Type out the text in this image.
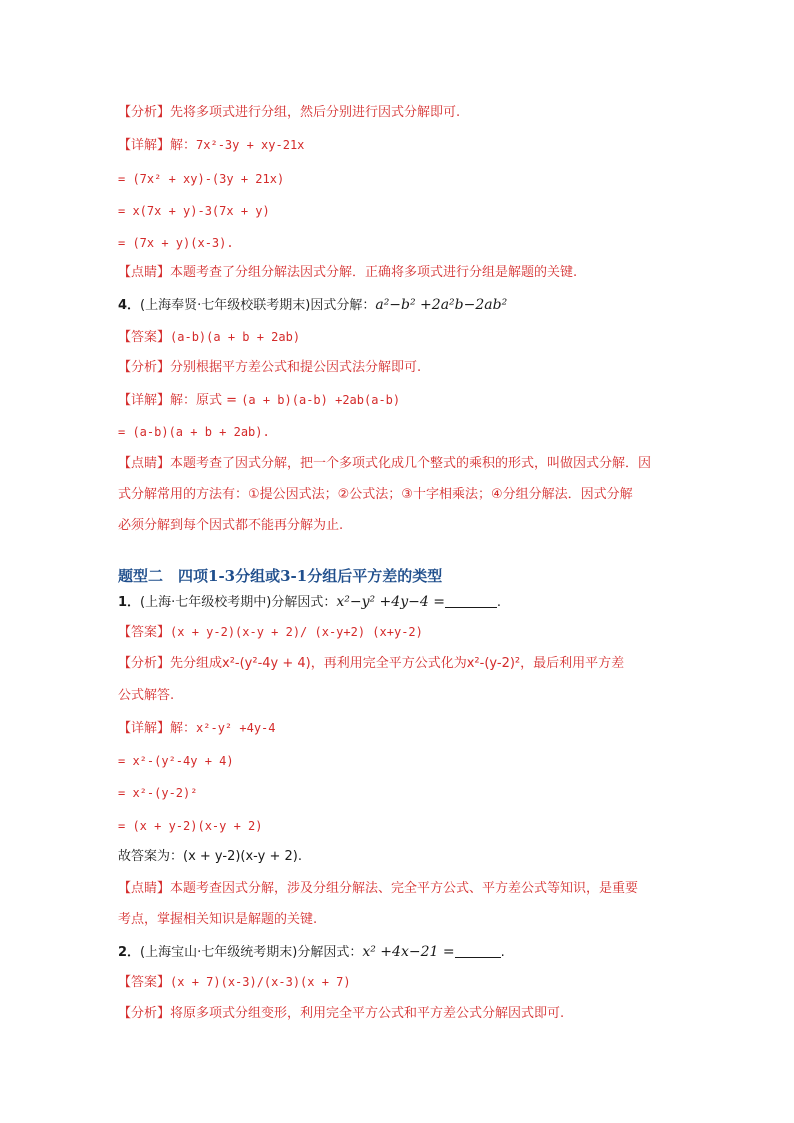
【分析】先将多项式进行分组，然后分别进行因式分解即可.
【详解】解：7x²-3y + xy-21x
= (7x² + xy)-(3y + 21x)
= x(7x + y)-3(7x + y)
= (7x + y)(x-3).
【点睛】本题考查了分组分解法因式分解．正确将多项式进行分组是解题的关键.
4．(上海奉贤·七年级校联考期末)因式分解：a²−b² +2a²b−2ab²
【答案】(a-b)(a + b + 2ab)
【分析】分别根据平方差公式和提公因式法分解即可.
【详解】解：原式 = (a + b)(a-b) +2ab(a-b)
= (a-b)(a + b + 2ab).
【点睛】本题考查了因式分解，把一个多项式化成几个整式的乘积的形式，叫做因式分解．因
式分解常用的方法有：①提公因式法；②公式法；③十字相乘法；④分组分解法．因式分解
必须分解到每个因式都不能再分解为止.
题型二　四项1-3分组或3-1分组后平方差的类型
1．(上海·七年级校考期中)分解因式：x²−y² +4y−4 =	.
【答案】(x + y-2)(x-y + 2)/ (x-y+2) (x+y-2)
【分析】先分组成x²-(y²-4y + 4)，再利用完全平方公式化为x²-(y-2)²，最后利用平方差
公式解答.
【详解】解：x²-y² +4y-4
= x²-(y²-4y + 4)
= x²-(y-2)²
= (x + y-2)(x-y + 2)
故答案为：(x + y-2)(x-y + 2).
【点睛】本题考查因式分解，涉及分组分解法、完全平方公式、平方差公式等知识，是重要
考点，掌握相关知识是解题的关键.
2．(上海宝山·七年级统考期末)分解因式：x² +4x−21 =	.
【答案】(x + 7)(x-3)/(x-3)(x + 7)
【分析】将原多项式分组变形，利用完全平方公式和平方差公式分解因式即可.
